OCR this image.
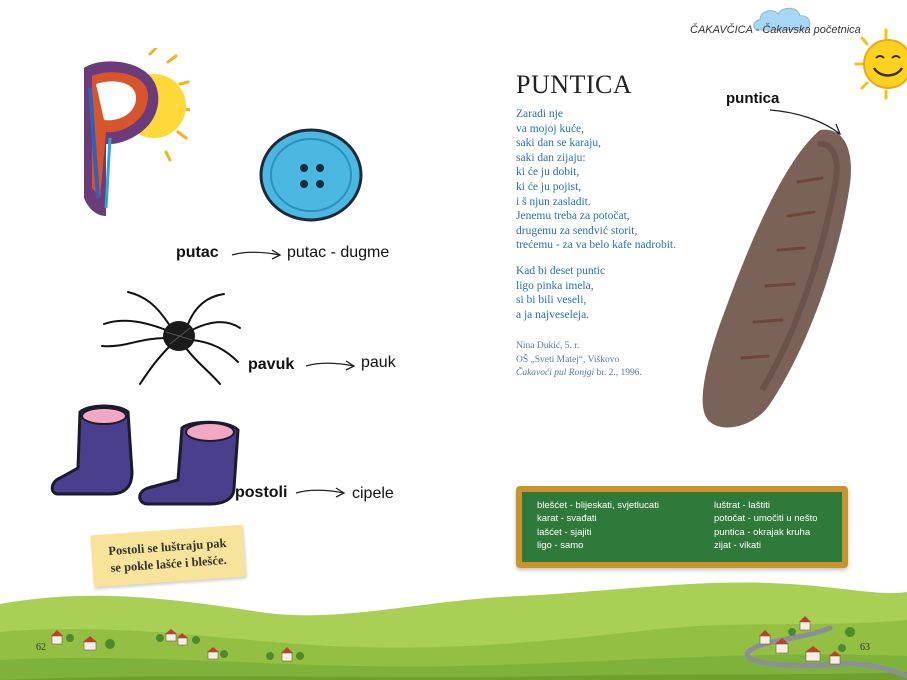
ČAKAVČICA - Čakavska početnica
putac	putac - dugme
pavuk	pauk
postoli	cipele
Postoli se luštraju pak
se pokle lašće i blešće.
62
PUNTICA
Zaradi nje
va mojoj kuće,
saki dan se karaju,
saki dan zijaju:
ki će ju dobit,
ki će ju pojist,
i š njun zasladit.
Jenemu treba za potočat,
drugemu za sendvić storit,
trećemu - za va belo kafe nadrobit.
Kad bi deset puntic
ligo pinka imela,
si bi bili veseli,
a ja najveseleja.
Nina Dukić, 5. r.
OŠ „Sveti Matej“, Viškovo
Čakavoći pul Ronjgi br. 2., 1996.
puntica
blešćet - blijeskati, svjetlucati
karat - svađati
lašćet - sjajiti
ligo - samo
luštrat - laštiti
potočat - umočiti u nešto
puntica - okrajak kruha
zijat - vikati
63
